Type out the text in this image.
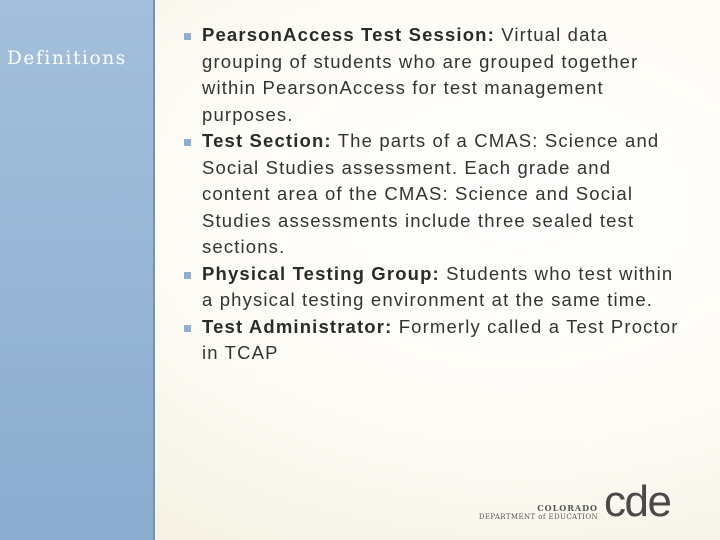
Definitions
PearsonAccess Test Session: Virtual data grouping of students who are grouped together within PearsonAccess for test management purposes.
Test Section: The parts of a CMAS: Science and Social Studies assessment. Each grade and content area of the CMAS: Science and Social Studies assessments include three sealed test sections.
Physical Testing Group: Students who test within a physical testing environment at the same time.
Test Administrator: Formerly called a Test Proctor in TCAP
COLORADO
DEPARTMENT of EDUCATION cde
